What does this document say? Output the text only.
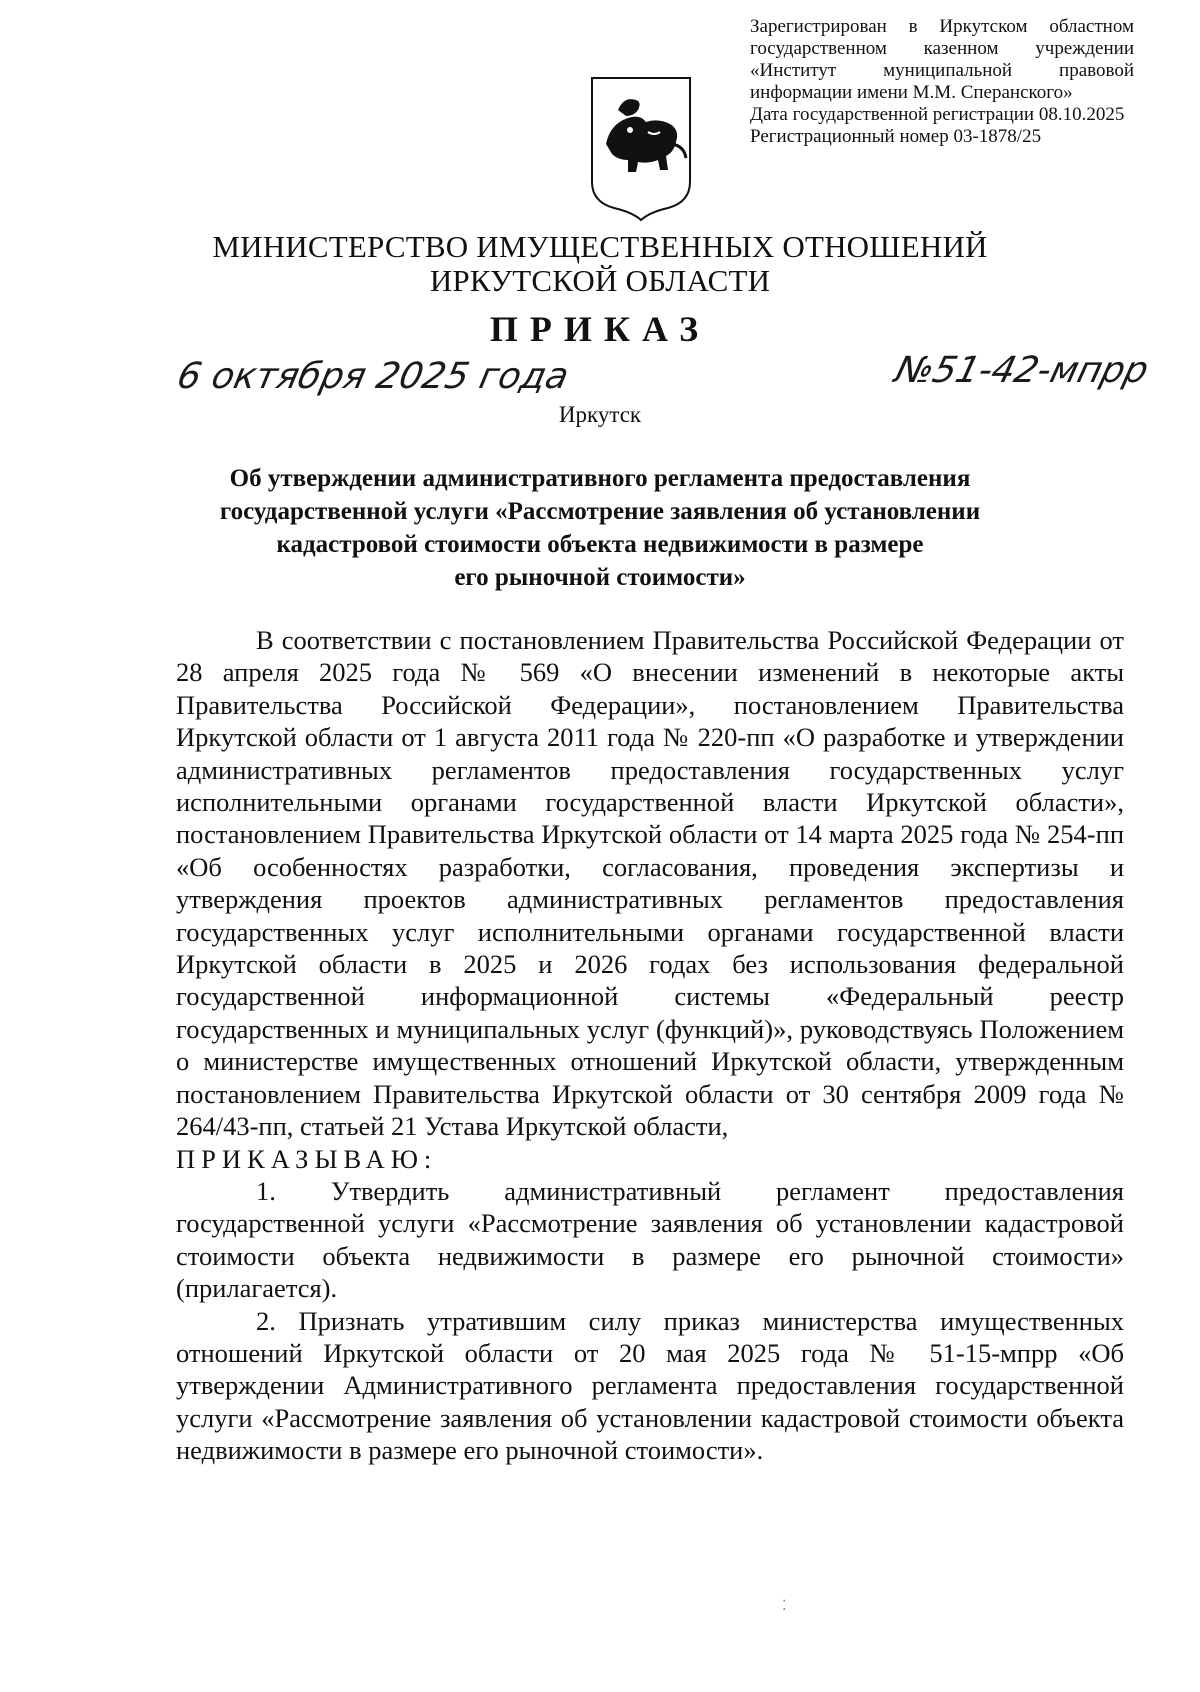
Зарегистрирован в Иркутском областном
государственном казенном учреждении
«Институт муниципальной правовой
информации имени М.М. Сперанского»
Дата государственной регистрации 08.10.2025
Регистрационный номер 03-1878/25
МИНИСТЕРСТВО ИМУЩЕСТВЕННЫХ ОТНОШЕНИЙ
ИРКУТСКОЙ ОБЛАСТИ
ПРИКАЗ
6 октября 2025 года	№51-42-мпрр
Иркутск
Об утверждении административного регламента предоставления
государственной услуги «Рассмотрение заявления об установлении
кадастровой стоимости объекта недвижимости в размере
его рыночной стоимости»

В соответствии с постановлением Правительства Российской Федерации от 28 апреля 2025 года № 569 «О внесении изменений в некоторые акты Правительства Российской Федерации», постановлением Правительства Иркутской области от 1 августа 2011 года № 220-пп «О разработке и утверждении административных регламентов предоставления государственных услуг исполнительными органами государственной власти Иркутской области», постановлением Правительства Иркутской области от 14 марта 2025 года № 254-пп «Об особенностях разработки, согласования, проведения экспертизы и утверждения проектов административных регламентов предоставления государственных услуг исполнительными органами государственной власти Иркутской области в 2025 и 2026 годах без использования федеральной государственной информационной системы «Федеральный реестр государственных и муниципальных услуг (функций)», руководствуясь Положением о министерстве имущественных отношений Иркутской области, утвержденным постановлением Правительства Иркутской области от 30 сентября 2009 года № 264/43-пп, статьей 21 Устава Иркутской области,

ПРИКАЗЫВАЮ:

1. Утвердить административный регламент предоставления государственной услуги «Рассмотрение заявления об установлении кадастровой стоимости объекта недвижимости в размере его рыночной стоимости» (прилагается).

2. Признать утратившим силу приказ министерства имущественных отношений Иркутской области от 20 мая 2025 года № 51-15-мпрр «Об утверждении Административного регламента предоставления государственной услуги «Рассмотрение заявления об установлении кадастровой стоимости объекта недвижимости в размере его рыночной стоимости».

⁚
